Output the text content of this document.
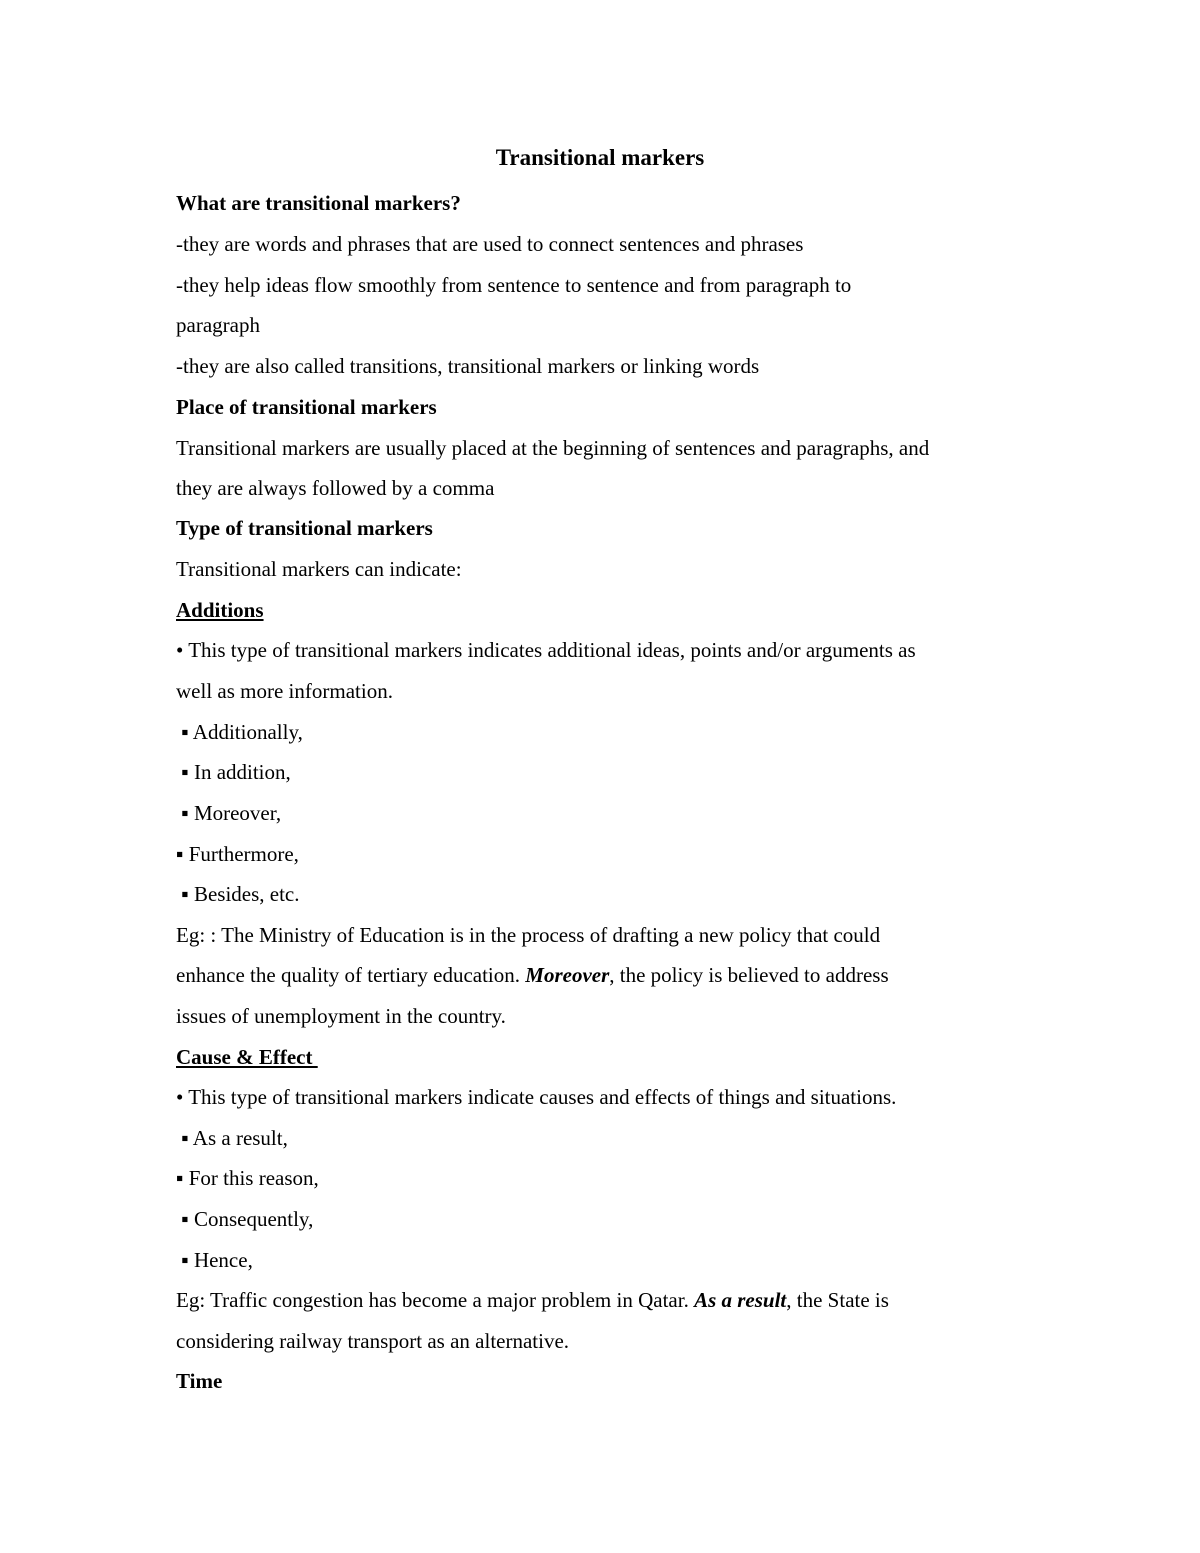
Transitional markers
What are transitional markers?
-they are words and phrases that are used to connect sentences and phrases
-they help ideas flow smoothly from sentence to sentence and from paragraph to
paragraph
-they are also called transitions, transitional markers or linking words
Place of transitional markers
Transitional markers are usually placed at the beginning of sentences and paragraphs, and
they are always followed by a comma
Type of transitional markers
Transitional markers can indicate:
Additions
• This type of transitional markers indicates additional ideas, points and/or arguments as
well as more information.
▪ Additionally,
▪ In addition,
▪ Moreover,
▪ Furthermore,
▪ Besides, etc.
Eg: : The Ministry of Education is in the process of drafting a new policy that could
enhance the quality of tertiary education. Moreover, the policy is believed to address
issues of unemployment in the country.
Cause & Effect
• This type of transitional markers indicate causes and effects of things and situations.
▪ As a result,
▪ For this reason,
▪ Consequently,
▪ Hence,
Eg: Traffic congestion has become a major problem in Qatar. As a result, the State is
considering railway transport as an alternative.
Time
